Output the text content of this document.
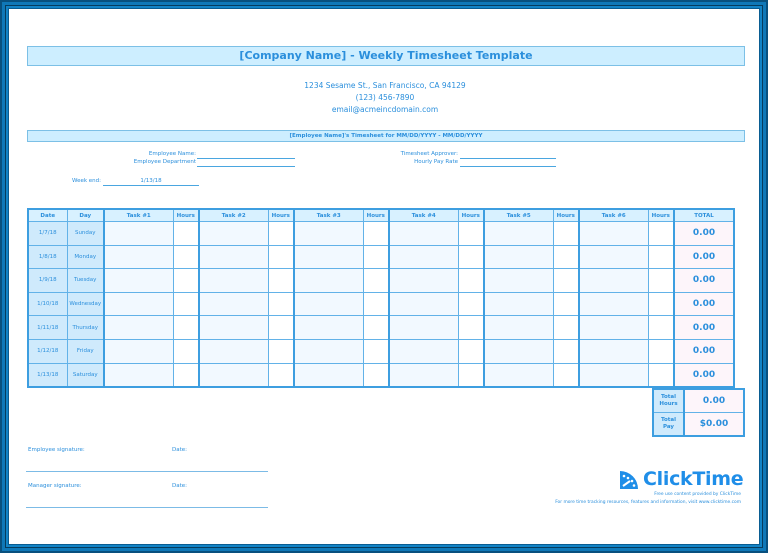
[Company Name] - Weekly Timesheet Template
1234 Sesame St., San Francisco, CA 94129
(123) 456-7890
email@acmeincdomain.com
[Employee Name]'s Timesheet for MM/DD/YYYY - MM/DD/YYYY
Employee Name:
Employee Department
Week end:	1/13/18
Timesheet Approver:
Hourly Pay Rate
Date	Day	Task #1	Hours	Task #2	Hours	Task #3	Hours	Task #4	Hours	Task #5	Hours	Task #6	Hours	TOTAL
1/7/18	Sunday													0.00
1/8/18	Monday													0.00
1/9/18	Tuesday													0.00
1/10/18	Wednesday													0.00
1/11/18	Thursday													0.00
1/12/18	Friday													0.00
1/13/18	Saturday													0.00
Total
Hours	0.00
Total
Pay	$0.00
Employee signature:	Date:
Manager signature:	Date:	ClickTime
Free use content provided by ClickTime
For more time tracking resources, features and information, visit www.clicktime.com
